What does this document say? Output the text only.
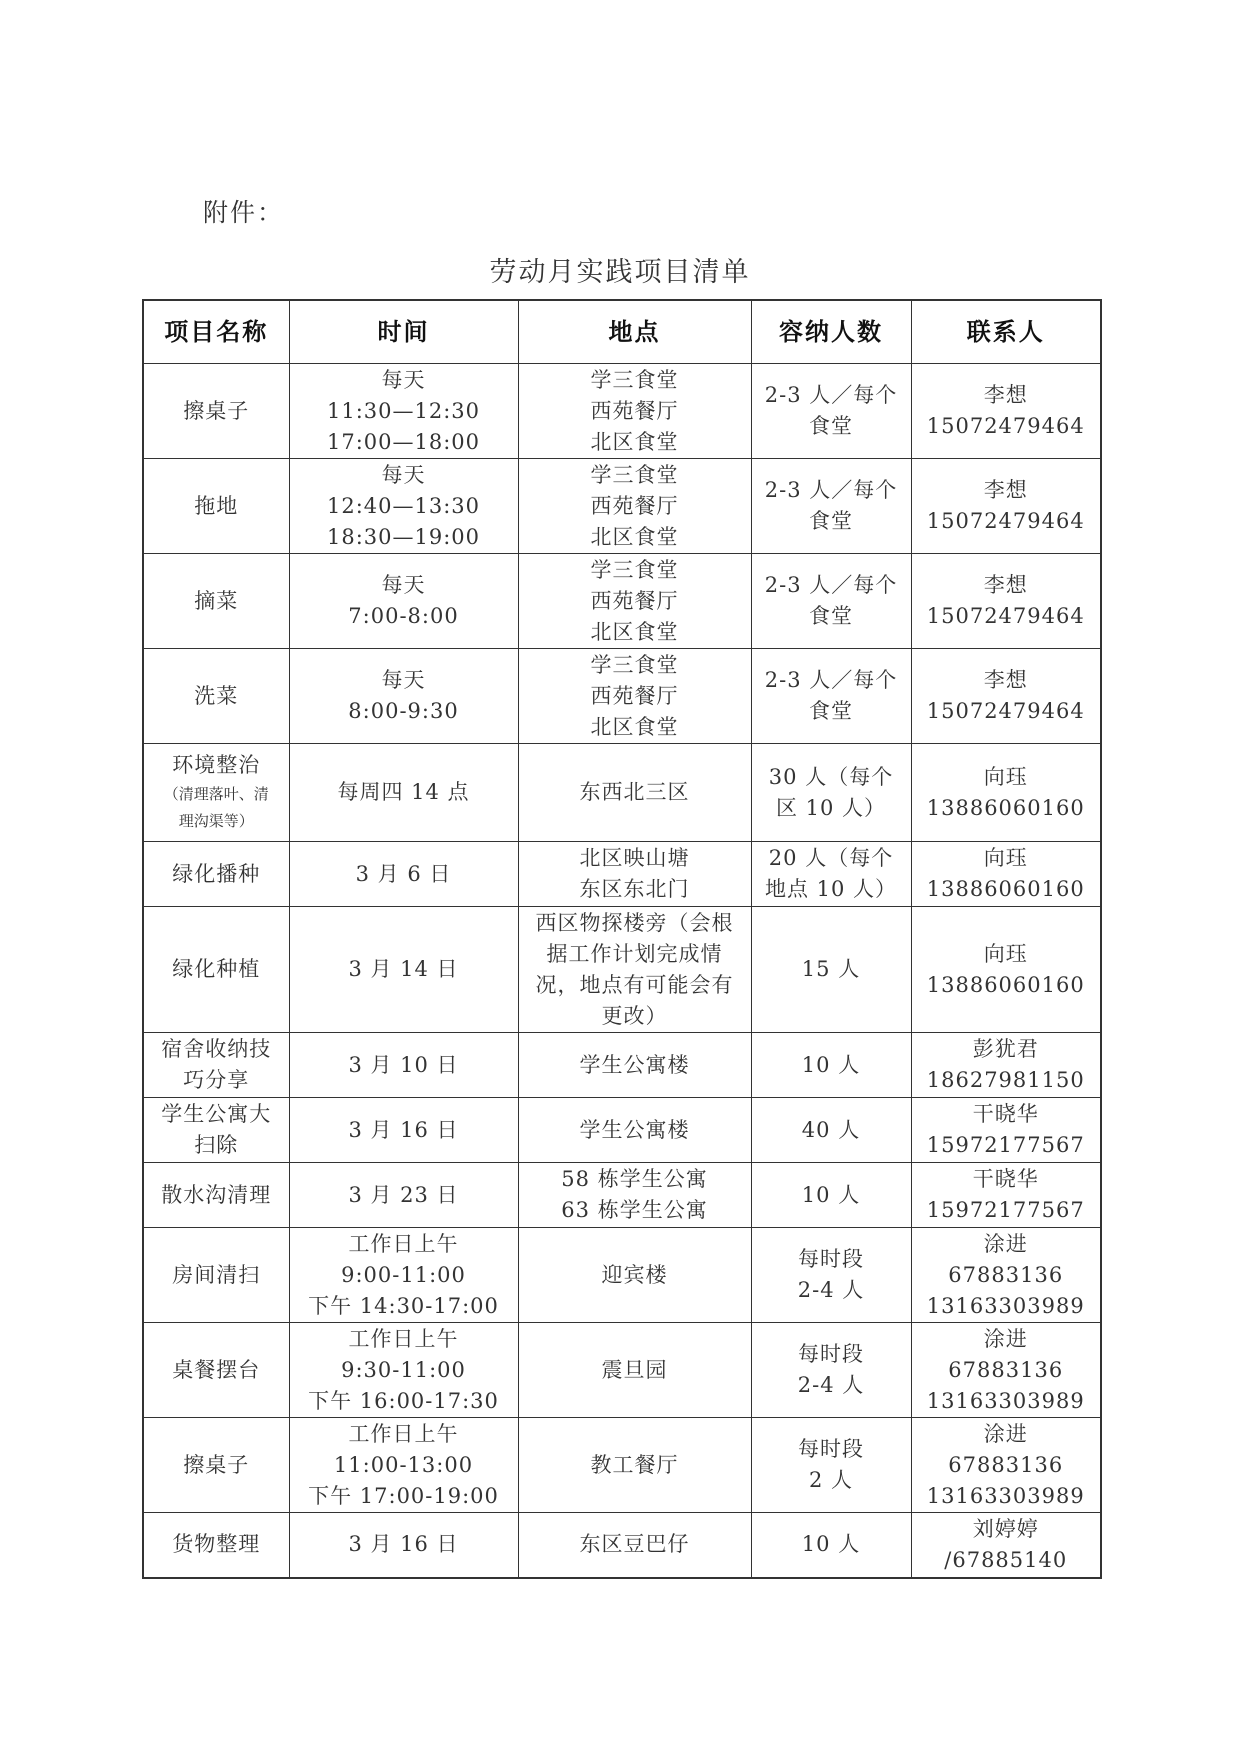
附件：
劳动月实践项目清单
项目名称	时间	地点	容纳人数	联系人

擦桌子	每天
11:30—12:30
17:00—18:00	学三食堂
西苑餐厅
北区食堂	2-3 人／每个
食堂	李想
15072479464

拖地	每天
12:40—13:30
18:30—19:00	学三食堂
西苑餐厅
北区食堂	2-3 人／每个
食堂	李想
15072479464

摘菜	每天
7:00-8:00	学三食堂
西苑餐厅
北区食堂	2-3 人／每个
食堂	李想
15072479464

洗菜	每天
8:00-9:30	学三食堂
西苑餐厅
北区食堂	2-3 人／每个
食堂	李想
15072479464

环境整治
（清理落叶、清
理沟渠等）	每周四 14 点	东西北三区	30 人（每个
区 10 人）	向珏
13886060160

绿化播种	3 月 6 日	北区映山塘
东区东北门	20 人（每个
地点 10 人）	向珏
13886060160

绿化种植	3 月 14 日	西区物探楼旁（会根
据工作计划完成情
况，地点有可能会有
更改）	15 人	向珏
13886060160

宿舍收纳技
巧分享	3 月 10 日	学生公寓楼	10 人	彭犹君
18627981150

学生公寓大
扫除	3 月 16 日	学生公寓楼	40 人	干晓华
15972177567

散水沟清理	3 月 23 日	58 栋学生公寓
63 栋学生公寓	10 人	干晓华
15972177567

房间清扫	工作日上午
9:00-11:00
下午 14:30-17:00	迎宾楼	每时段
2-4 人	涂进
67883136
13163303989

桌餐摆台	工作日上午
9:30-11:00
下午 16:00-17:30	震旦园	每时段
2-4 人	涂进
67883136
13163303989

擦桌子	工作日上午
11:00-13:00
下午 17:00-19:00	教工餐厅	每时段
2 人	涂进
67883136
13163303989

货物整理	3 月 16 日	东区豆巴仔	10 人	刘婷婷
/67885140
